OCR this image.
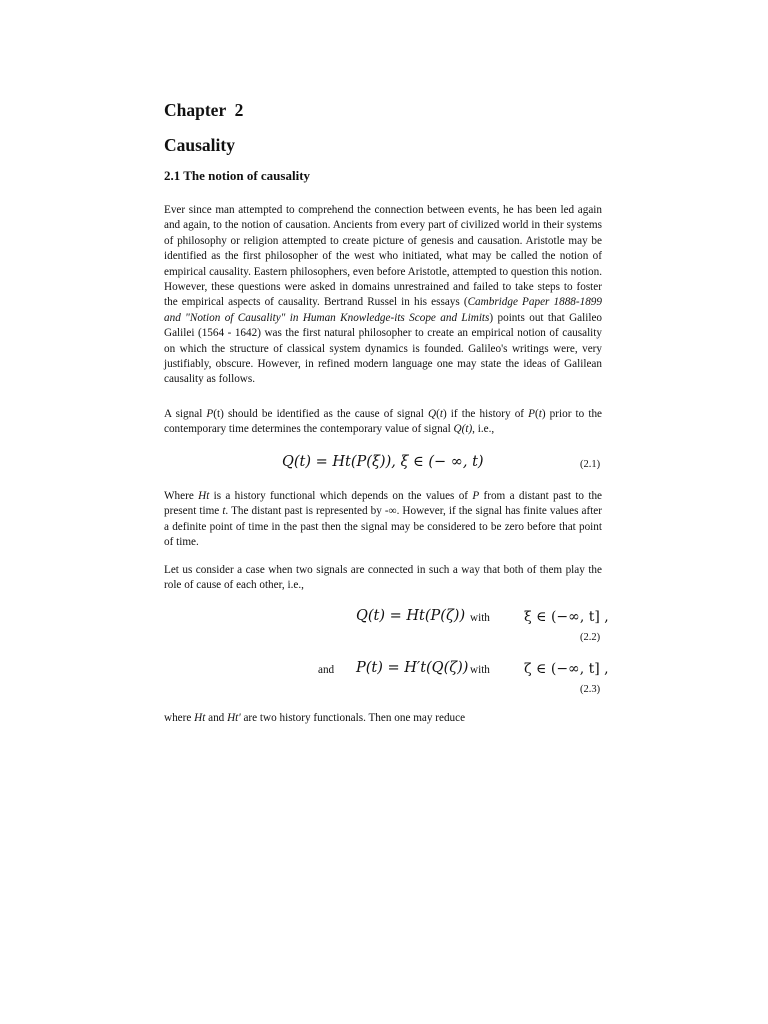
Chapter  2
Causality
2.1 The notion of causality

Ever since man attempted to comprehend the connection between events, he has been led again and again, to the notion of causation. Ancients from every part of civilized world in their systems of philosophy or religion attempted to create picture of genesis and causation. Aristotle may be identified as the first philosopher of the west who initiated, what may be called the notion of empirical causality. Eastern philosophers, even before Aristotle, attempted to question this notion. However, these questions were asked in domains unrestrained and failed to take steps to foster the empirical aspects of causality. Bertrand Russel in his essays (Cambridge Paper 1888-1899 and "Notion of Causality" in Human Knowledge-its Scope and Limits) points out that Galileo Galilei (1564 - 1642) was the first natural philosopher to create an empirical notion of causality on which the structure of classical system dynamics is founded. Galileo's writings were, very justifiably, obscure. However, in refined modern language one may state the ideas of Galilean causality as follows.

A signal P(t) should be identified as the cause of signal Q(t) if the history of P(t) prior to the contemporary time determines the contemporary value of signal Q(t), i.e.,

Q(t) = Ht(P(ξ)), ξ ∈ (− ∞, t)	(2.1)

Where Ht is a history functional which depends on the values of P from a distant past to the present time t. The distant past is represented by -∞. However, if the signal has finite values after a definite point of time in the past then the signal may be considered to be zero before that point of time.

Let us consider a case when two signals are connected in such a way that both of them play the role of cause of each other, i.e.,

Q(t) = Ht(P(ζ)) with ξ ∈ (−∞, t] ,
(2.2)
and P(t) = H′t(Q(ζ)) with ζ ∈ (−∞, t] ,
(2.3)

where Ht and Ht' are two history functionals. Then one may reduce
